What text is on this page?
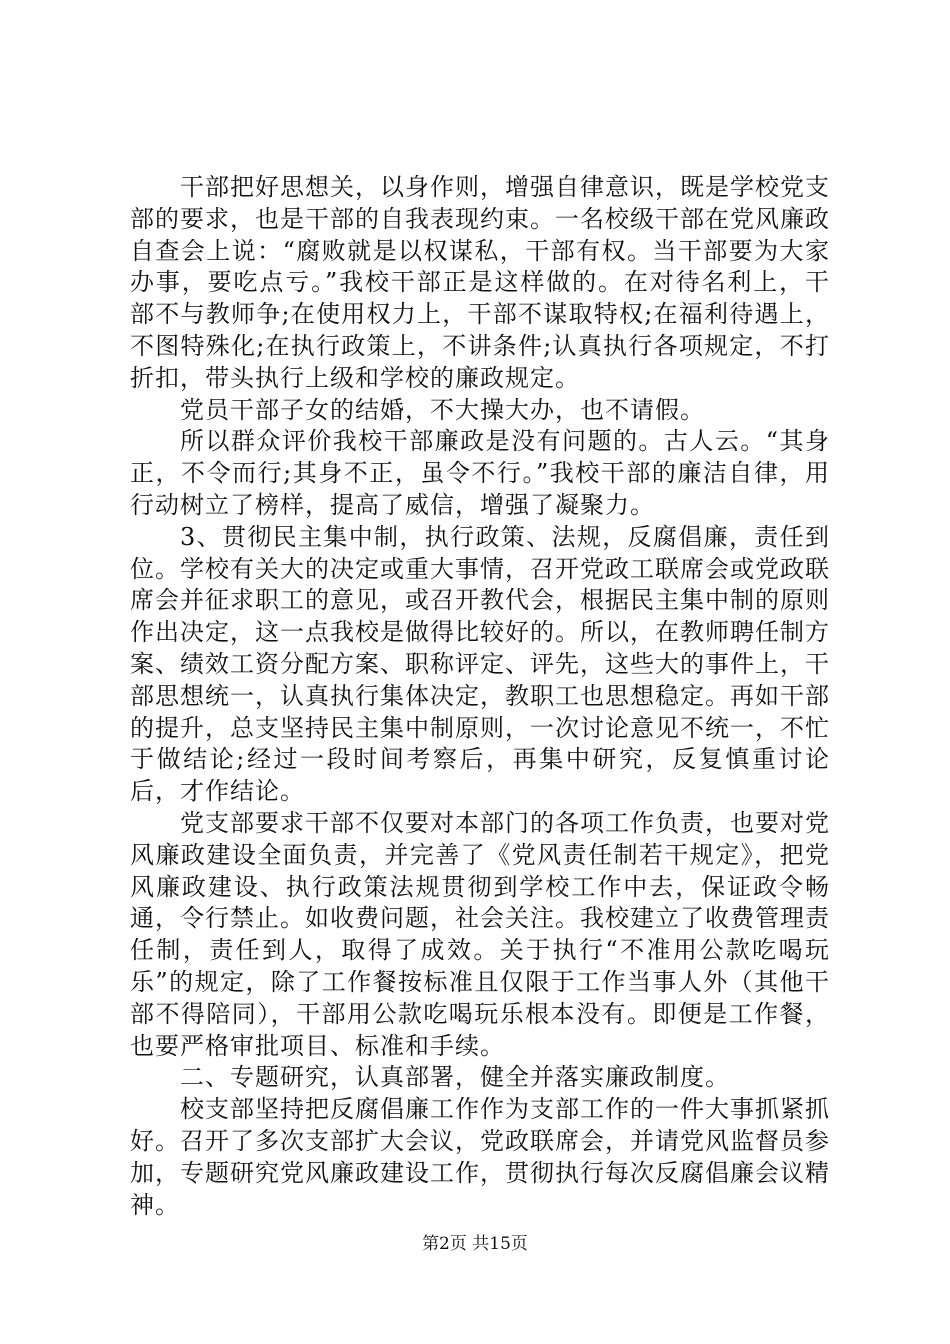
干部把好思想关，以身作则，增强自律意识，既是学校党支部的要求，也是干部的自我表现约束。一名校级干部在党风廉政自查会上说：“腐败就是以权谋私，干部有权。当干部要为大家办事，要吃点亏。”我校干部正是这样做的。在对待名利上，干部不与教师争;在使用权力上，干部不谋取特权;在福利待遇上，不图特殊化;在执行政策上，不讲条件;认真执行各项规定，不打折扣，带头执行上级和学校的廉政规定。

党员干部子女的结婚，不大操大办，也不请假。

所以群众评价我校干部廉政是没有问题的。古人云。“其身正，不令而行;其身不正，虽令不行。”我校干部的廉洁自律，用行动树立了榜样，提高了威信，增强了凝聚力。

3、贯彻民主集中制，执行政策、法规，反腐倡廉，责任到位。学校有关大的决定或重大事情，召开党政工联席会或党政联席会并征求职工的意见，或召开教代会，根据民主集中制的原则作出决定，这一点我校是做得比较好的。所以，在教师聘任制方案、绩效工资分配方案、职称评定、评先，这些大的事件上，干部思想统一，认真执行集体决定，教职工也思想稳定。再如干部的提升，总支坚持民主集中制原则，一次讨论意见不统一，不忙于做结论;经过一段时间考察后，再集中研究，反复慎重讨论后，才作结论。

党支部要求干部不仅要对本部门的各项工作负责，也要对党风廉政建设全面负责，并完善了《党风责任制若干规定》，把党风廉政建设、执行政策法规贯彻到学校工作中去，保证政令畅通，令行禁止。如收费问题，社会关注。我校建立了收费管理责任制，责任到人，取得了成效。关于执行“不准用公款吃喝玩乐”的规定，除了工作餐按标准且仅限于工作当事人外（其他干部不得陪同），干部用公款吃喝玩乐根本没有。即便是工作餐，也要严格审批项目、标准和手续。

二、专题研究，认真部署，健全并落实廉政制度。

校支部坚持把反腐倡廉工作作为支部工作的一件大事抓紧抓好。召开了多次支部扩大会议，党政联席会，并请党风监督员参加，专题研究党风廉政建设工作，贯彻执行每次反腐倡廉会议精神。

第2页 共15页
